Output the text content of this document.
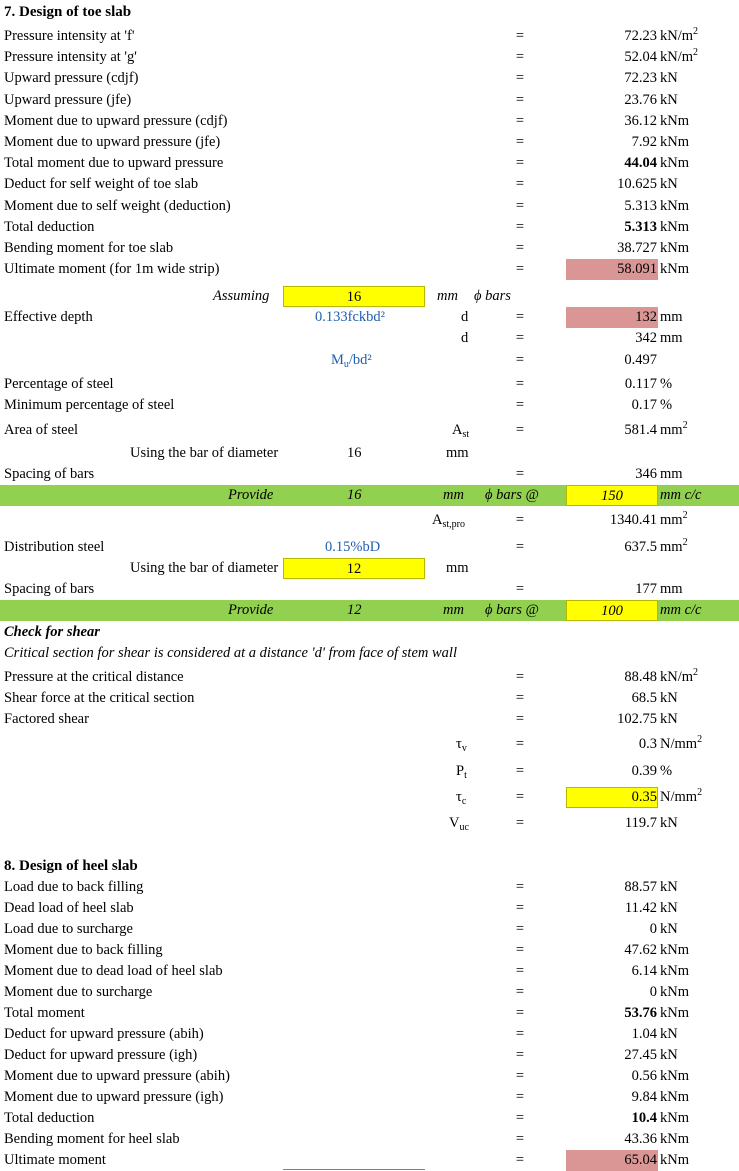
7. Design of toe slab
Pressure intensity at 'f'	=	72.23 $kN/m^2$
Pressure intensity at 'g'	=	52.04 $kN/m^2$
Upward pressure (cdjf)	=	72.23 kN
Upward pressure (jfe)	=	23.76 kN
Moment due to upward pressure (cdjf)	=	36.12 kNm
Moment due to upward pressure (jfe)	=	7.92 kNm
Total moment due to upward pressure	=	44.04 kNm
Deduct for self weight of toe slab	=	10.625 kN
Moment due to self weight (deduction)	=	5.313 kNm
Total deduction	=	5.313 kNm
Bending moment for toe slab	=	38.727 kNm
Ultimate moment (for 1m wide strip)	=	58.091 kNm
Assuming	16	mm ϕ bars
Effective depth	0.133fckbd²	d	=	132 mm
d	=	342 mm
$M_u$/bd²	=	0.497
Percentage of steel	=	0.117 %
Minimum percentage of steel	=	0.17 %
Area of steel	$A_{st}$	=	581.4 $mm^2$
Using the bar of diameter	16	mm
Spacing of bars	=	346 mm
Provide	16	mm ϕ bars @	150	mm c/c
$A_{st,pro}$	=	1340.41 $mm^2$
Distribution steel	0.15%bD	=	637.5 $mm^2$
Using the bar of diameter	12	mm
Spacing of bars	=	177 mm
Provide	12	mm ϕ bars @	100	mm c/c
Check for shear
Critical section for shear is considered at a distance 'd' from face of stem wall
Pressure at the critical distance	=	88.48 $kN/m^2$
Shear force at the critical section	=	68.5 kN
Factored shear	=	102.75 kN
$\tau_v$	=	0.3 $N/mm^2$
$P_t$	=	0.39 %
$\tau_c$	=	0.35 $N/mm^2$
$V_{uc}$	=	119.7 kN
8. Design of heel slab
Load due to back filling	=	88.57 kN
Dead load of heel slab	=	11.42 kN
Load due to surcharge	=	0 kN
Moment due to back filling	=	47.62 kNm
Moment due to dead load of heel slab	=	6.14 kNm
Moment due to surcharge	=	0 kNm
Total moment	=	53.76 kNm
Deduct for upward pressure (abih)	=	1.04 kN
Deduct for upward pressure (igh)	=	27.45 kN
Moment due to upward pressure (abih)	=	0.56 kNm
Moment due to upward pressure (igh)	=	9.84 kNm
Total deduction	=	10.4 kNm
Bending moment for heel slab	=	43.36 kNm
Ultimate moment	=	65.04 kNm
